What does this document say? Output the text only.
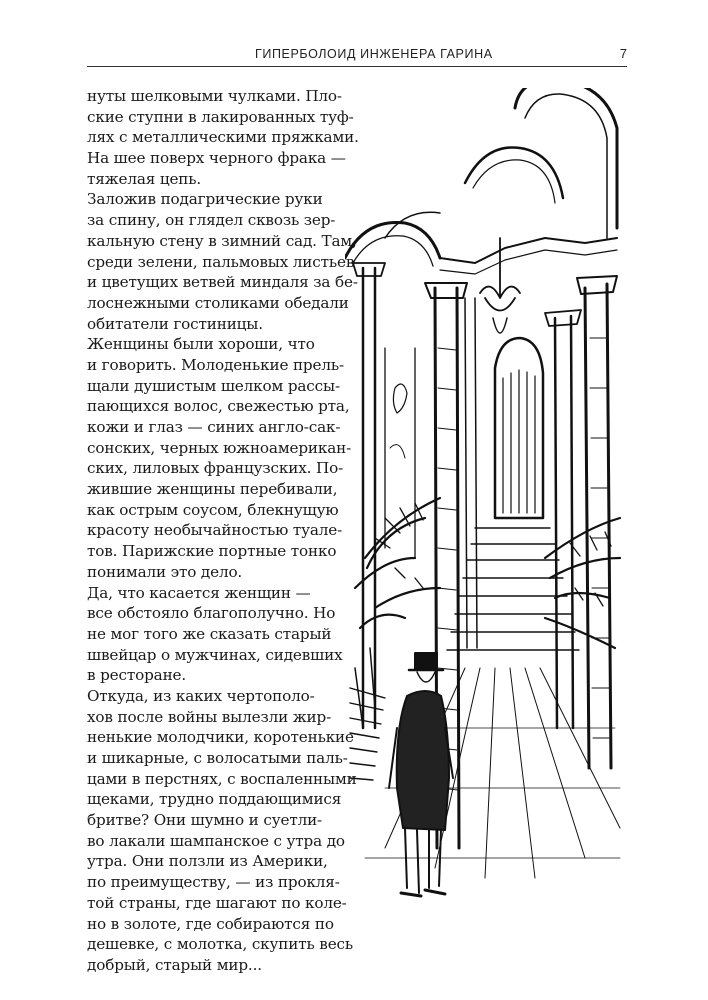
ГИПЕРБОЛОИД ИНЖЕНЕРА ГАРИНА	7
нуты шелковыми чулками. Пло-
ские ступни в лакированных туф-
лях с металлическими пряжками.
На шее поверх черного фрака —
тяжелая цепь.
Заложив подагрические руки
за спину, он глядел сквозь зер-
кальную стену в зимний сад. Там,
среди зелени, пальмовых листьев
и цветущих ветвей миндаля за бе-
лоснежными столиками обедали
обитатели гостиницы.
Женщины были хороши, что
и говорить. Молоденькие прель-
щали душистым шелком рассы-
пающихся волос, свежестью рта,
кожи и глаз — синих англо-сак-
сонских, черных южноамерикан-
ских, лиловых французских. По-
жившие женщины перебивали,
как острым соусом, блекнущую
красоту необычайностью туале-
тов. Парижские портные тонко
понимали это дело.
Да, что касается женщин —
все обстояло благополучно. Но
не мог того же сказать старый
швейцар о мужчинах, сидевших
в ресторане.
Откуда, из каких чертополо-
хов после войны вылезли жир-
ненькие молодчики, коротенькие
и шикарные, с волосатыми паль-
цами в перстнях, с воспаленными
щеками, трудно поддающимися
бритве? Они шумно и суетли-
во лакали шампанское с утра до
утра. Они ползли из Америки,
по преимуществу, — из прокля-
той страны, где шагают по коле-
но в золоте, где собираются по
дешевке, с молотка, скупить весь
добрый, старый мир...
